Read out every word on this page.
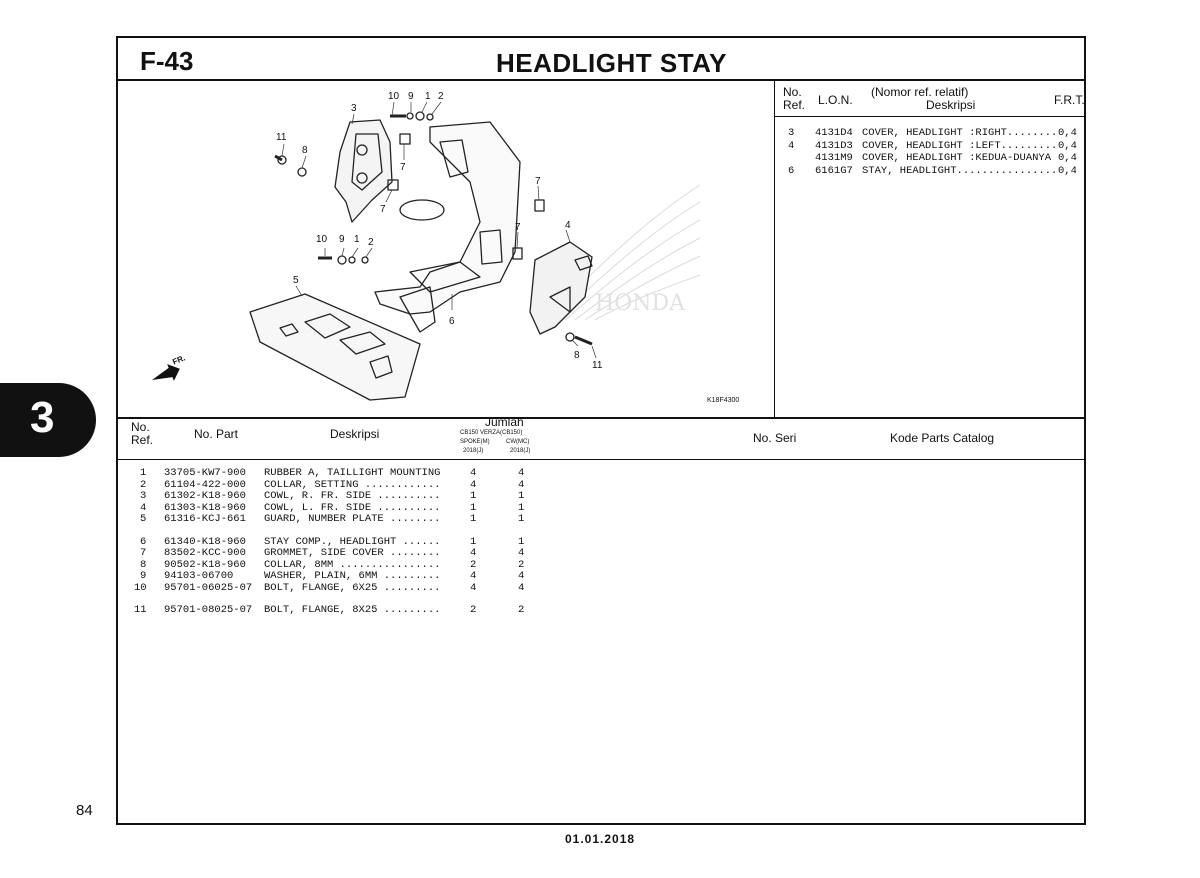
F-43	HEADLIGHT STAY
No.
Ref. L.O.N.
(Nomor ref. relatif)
Deskripsi	F.R.T.
3 4131D4 COVER, HEADLIGHT :RIGHT........ 0,4
4 4131D3 COVER, HEADLIGHT :LEFT......... 0,4
4131M9 COVER, HEADLIGHT :KEDUA-DUANYA 0,4
6 6161G7 STAY, HEADLIGHT................ 0,4
HONDA
10 9 1 2
3
11
8
7
7
7
7
10 9 1 2
4
5
6
8
11
FR.
K18F4300
No.
Ref.	No. Part	Deskripsi
Jumlah
CB150 VERZA(CB150)
SPOKE(M)	CW(MC)
2018(J)	2018(J)
No. Seri	Kode Parts Catalog
1 33705-KW7-900 RUBBER A, TAILLIGHT MOUNTING	4	4
2 61104-422-000 COLLAR, SETTING ............	4	4
3 61302-K18-960 COWL, R. FR. SIDE ..........	1	1
4 61303-K18-960 COWL, L. FR. SIDE ..........	1	1
5 61316-KCJ-661 GUARD, NUMBER PLATE ........	1	1
6 61340-K18-960 STAY COMP., HEADLIGHT ......	1	1
7 83502-KCC-900 GROMMET, SIDE COVER ........	4	4
8 90502-K18-960 COLLAR, 8MM ................	2	2
9 94103-06700	WASHER, PLAIN, 6MM .........	4	4
10 95701-06025-07 BOLT, FLANGE, 6X25 .........	4	4
11 95701-08025-07 BOLT, FLANGE, 8X25 .........	2	2
3
84
01.01.2018
